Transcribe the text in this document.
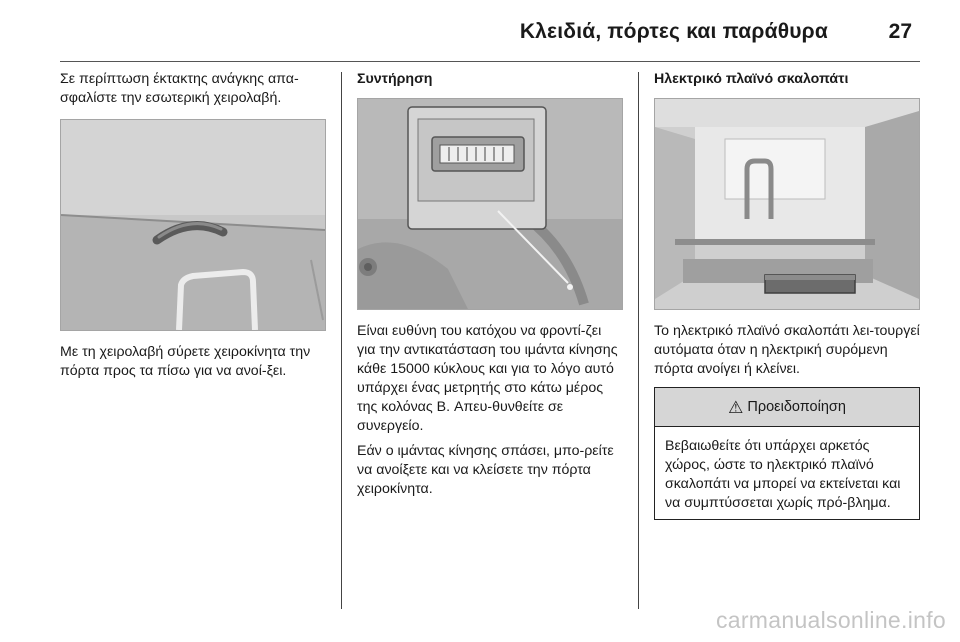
Κλειδιά, πόρτες και παράθυρα	27

Σε περίπτωση έκτακτης ανάγκης απα-σφαλίστε την εσωτερική χειρολαβή.

Με τη χειρολαβή σύρετε χειροκίνητα την πόρτα προς τα πίσω για να ανοί-ξει.

Συντήρηση

Είναι ευθύνη του κατόχου να φροντί-ζει για την αντικατάσταση του ιμάντα κίνησης κάθε 15000 κύκλους και για το λόγο αυτό υπάρχει ένας μετρητής στο κάτω μέρος της κολόνας B. Απευ-θυνθείτε σε συνεργείο.

Εάν ο ιμάντας κίνησης σπάσει, μπο-ρείτε να ανοίξετε και να κλείσετε την πόρτα χειροκίνητα.

Ηλεκτρικό πλαϊνό σκαλοπάτι

Το ηλεκτρικό πλαϊνό σκαλοπάτι λει-τουργεί αυτόματα όταν η ηλεκτρική συρόμενη πόρτα ανοίγει ή κλείνει.

⚠ Προειδοποίηση
Βεβαιωθείτε ότι υπάρχει αρκετός χώρος, ώστε το ηλεκτρικό πλαϊνό σκαλοπάτι να μπορεί να εκτείνεται και να συμπτύσσεται χωρίς πρό-βλημα.
carmanualsonline.info
